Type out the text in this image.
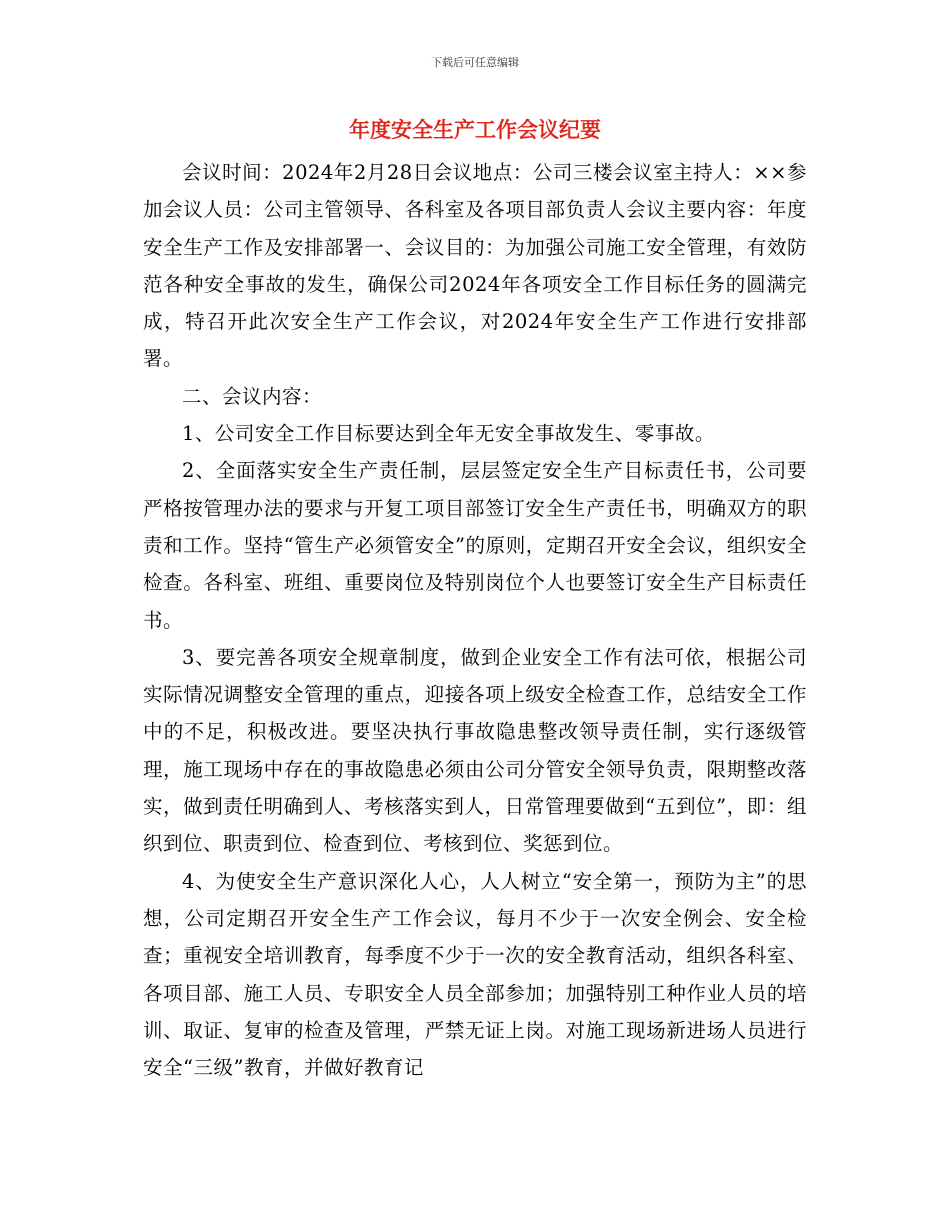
下载后可任意编辑
年度安全生产工作会议纪要

会议时间：2024年2月28日会议地点：公司三楼会议室主持人：××参加会议人员：公司主管领导、各科室及各项目部负责人会议主要内容：年度安全生产工作及安排部署一、会议目的：为加强公司施工安全管理，有效防范各种安全事故的发生，确保公司2024年各项安全工作目标任务的圆满完成，特召开此次安全生产工作会议，对2024年安全生产工作进行安排部署。

二、会议内容：

1、公司安全工作目标要达到全年无安全事故发生、零事故。

2、全面落实安全生产责任制，层层签定安全生产目标责任书，公司要严格按管理办法的要求与开复工项目部签订安全生产责任书，明确双方的职责和工作。坚持“管生产必须管安全”的原则，定期召开安全会议，组织安全检查。各科室、班组、重要岗位及特别岗位个人也要签订安全生产目标责任书。

3、要完善各项安全规章制度，做到企业安全工作有法可依，根据公司实际情况调整安全管理的重点，迎接各项上级安全检查工作，总结安全工作中的不足，积极改进。要坚决执行事故隐患整改领导责任制，实行逐级管理，施工现场中存在的事故隐患必须由公司分管安全领导负责，限期整改落实，做到责任明确到人、考核落实到人，日常管理要做到“五到位”，即：组织到位、职责到位、检查到位、考核到位、奖惩到位。

4、为使安全生产意识深化人心，人人树立“安全第一，预防为主”的思想，公司定期召开安全生产工作会议，每月不少于一次安全例会、安全检查；重视安全培训教育，每季度不少于一次的安全教育活动，组织各科室、各项目部、施工人员、专职安全人员全部参加；加强特别工种作业人员的培训、取证、复审的检查及管理，严禁无证上岗。对施工现场新进场人员进行安全“三级”教育，并做好教育记
